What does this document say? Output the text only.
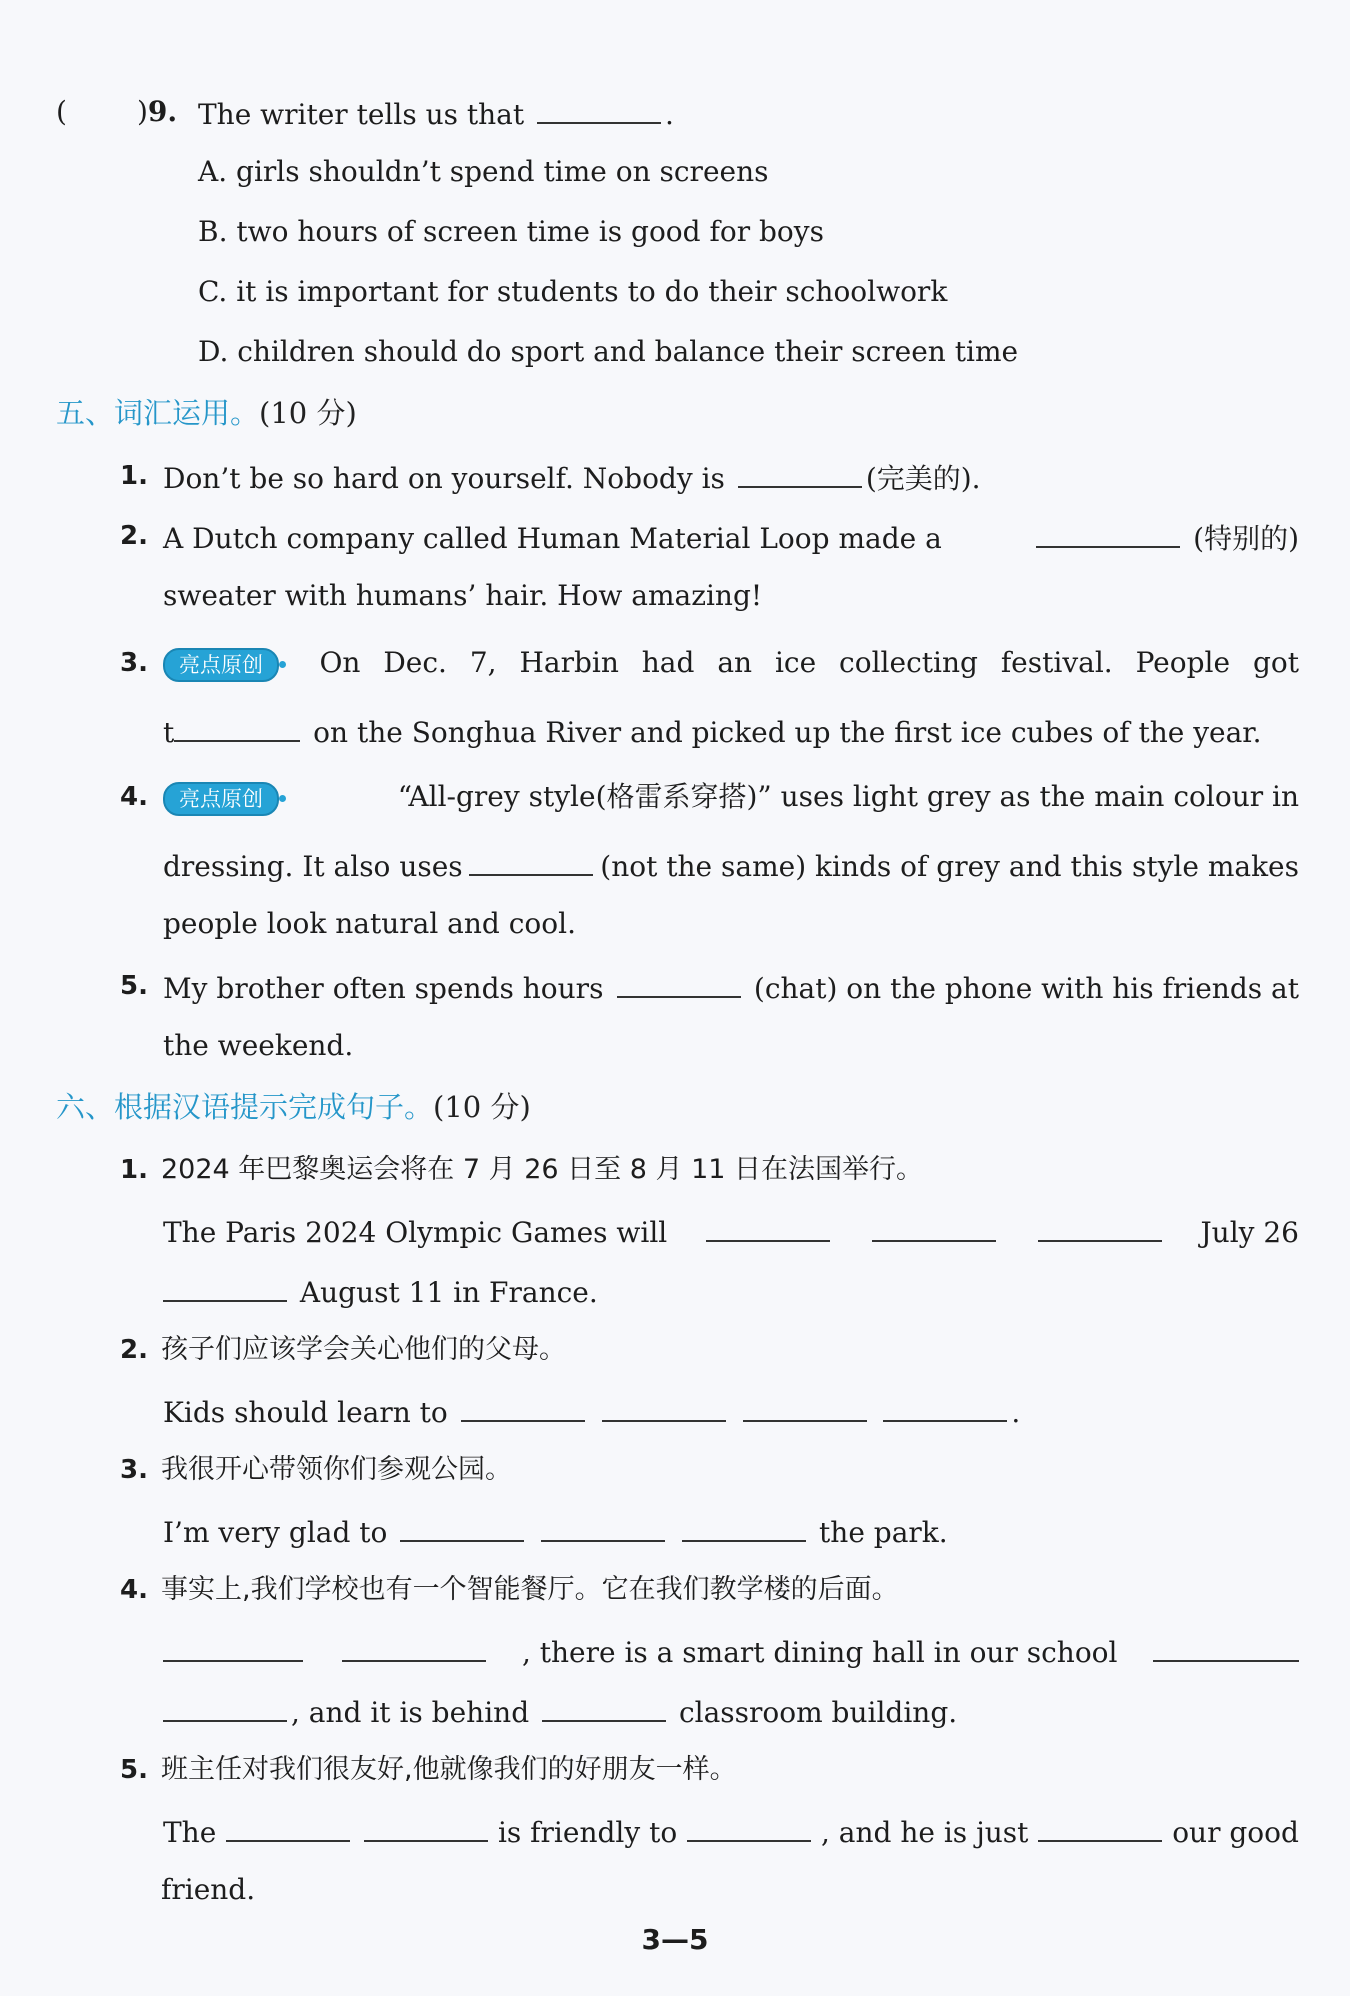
(	)9. The writer tells us that	.
A. girls shouldn’t spend time on screens
B. two hours of screen time is good for boys
C. it is important for students to do their schoolwork
D. children should do sport and balance their screen time
五、词汇运用。(10 分)
1. Don’t be so hard on yourself. Nobody is	(完美的).
2. A Dutch company called Human Material Loop made a	(特别的)
sweater with humans’ hair. How amazing!
3.	亮点原创	On Dec. 7, Harbin had an ice collecting festival. People got
t	on the Songhua River and picked up the first ice cubes of the year.
4.	亮点原创	“All-grey style(格雷系穿搭)” uses light grey as the main colour in
dressing. It also uses	(not the same) kinds of grey and this style makes
people look natural and cool.
5. My brother often spends hours	(chat) on the phone with his friends at
the weekend.
六、根据汉语提示完成句子。(10 分)
1. 2024 年巴黎奥运会将在 7 月 26 日至 8 月 11 日在法国举行。
The Paris 2024 Olympic Games will	July 26
August 11 in France.
2. 孩子们应该学会关心他们的父母。
Kids should learn to	.
3. 我很开心带领你们参观公园。
I’m very glad to	the park.
4. 事实上,我们学校也有一个智能餐厅。它在我们教学楼的后面。
, there is a smart dining hall in our school
, and it is behind	classroom building.
5. 班主任对我们很友好,他就像我们的好朋友一样。
The	is friendly to	, and he is just	our good
friend.
3—5
